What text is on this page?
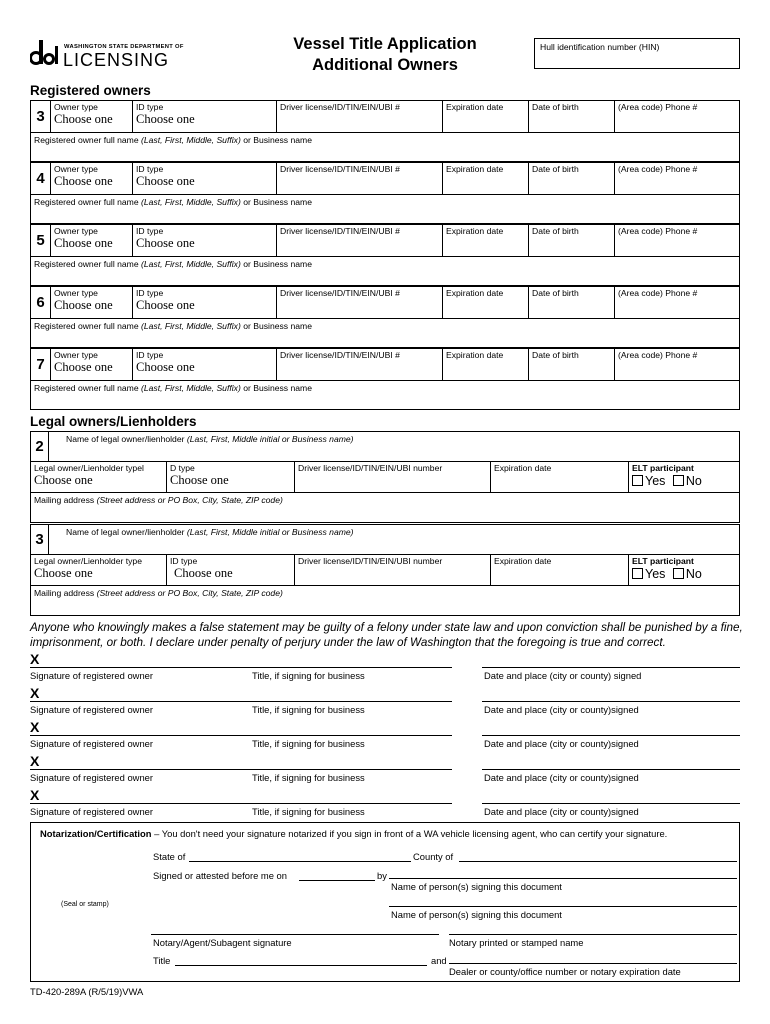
WASHINGTON STATE DEPARTMENT OF
LICENSING
Vessel Title Application
Additional Owners
Hull identification number (HIN)
Registered owners
3
Owner type
Choose one
ID type
Choose one
Driver license/ID/TIN/EIN/UBI #	Expiration date	Date of birth	(Area code) Phone #
Registered owner full name (Last, First, Middle, Suffix) or Business name
4
Owner type
Choose one
ID type
Choose one
Driver license/ID/TIN/EIN/UBI #	Expiration date	Date of birth	(Area code) Phone #
Registered owner full name (Last, First, Middle, Suffix) or Business name
5
Owner type
Choose one
ID type
Choose one
Driver license/ID/TIN/EIN/UBI #	Expiration date	Date of birth	(Area code) Phone #
Registered owner full name (Last, First, Middle, Suffix) or Business name
6
Owner type
Choose one
ID type
Choose one
Driver license/ID/TIN/EIN/UBI #	Expiration date	Date of birth	(Area code) Phone #
Registered owner full name (Last, First, Middle, Suffix) or Business name
7
Owner type
Choose one
ID type
Choose one
Driver license/ID/TIN/EIN/UBI #	Expiration date	Date of birth	(Area code) Phone #
Registered owner full name (Last, First, Middle, Suffix) or Business name
Legal owners/Lienholders
2	Name of legal owner/lienholder (Last, First, Middle initial or Business name)
Legal owner/Lienholder typel
Choose one
D type
Choose one
Driver license/ID/TIN/EIN/UBI number	Expiration date	ELT participant
Yes No
Mailing address (Street address or PO Box, City, State, ZIP code)
3	Name of legal owner/lienholder (Last, First, Middle initial or Business name)
Legal owner/Lienholder type
Choose one
ID type
Choose one
Driver license/ID/TIN/EIN/UBI number	Expiration date	ELT participant
Yes No
Mailing address (Street address or PO Box, City, State, ZIP code)
Anyone who knowingly makes a false statement may be guilty of a felony under state law and upon conviction shall be punished by a fine, imprisonment, or both. I declare under penalty of perjury under the law of Washington that the foregoing is true and correct.
X
Signature of registered owner	Title, if signing for business	Date and place (city or county) signed
X
Signature of registered owner	Title, if signing for business	Date and place (city or county)signed
X
Signature of registered owner	Title, if signing for business	Date and place (city or county)signed
X
Signature of registered owner	Title, if signing for business	Date and place (city or county)signed
X
Signature of registered owner	Title, if signing for business	Date and place (city or county)signed
Notarization/Certification – You don't need your signature notarized if you sign in front of a WA vehicle licensing agent, who can certify your signature.
State of	County of
Signed or attested before me on	by
Name of person(s) signing this document
(Seal or stamp)
Name of person(s) signing this document
Notary/Agent/Subagent signature	Notary printed or stamped name
Title	and
Dealer or county/office number or notary expiration date
TD-420-289A (R/5/19)VWA
